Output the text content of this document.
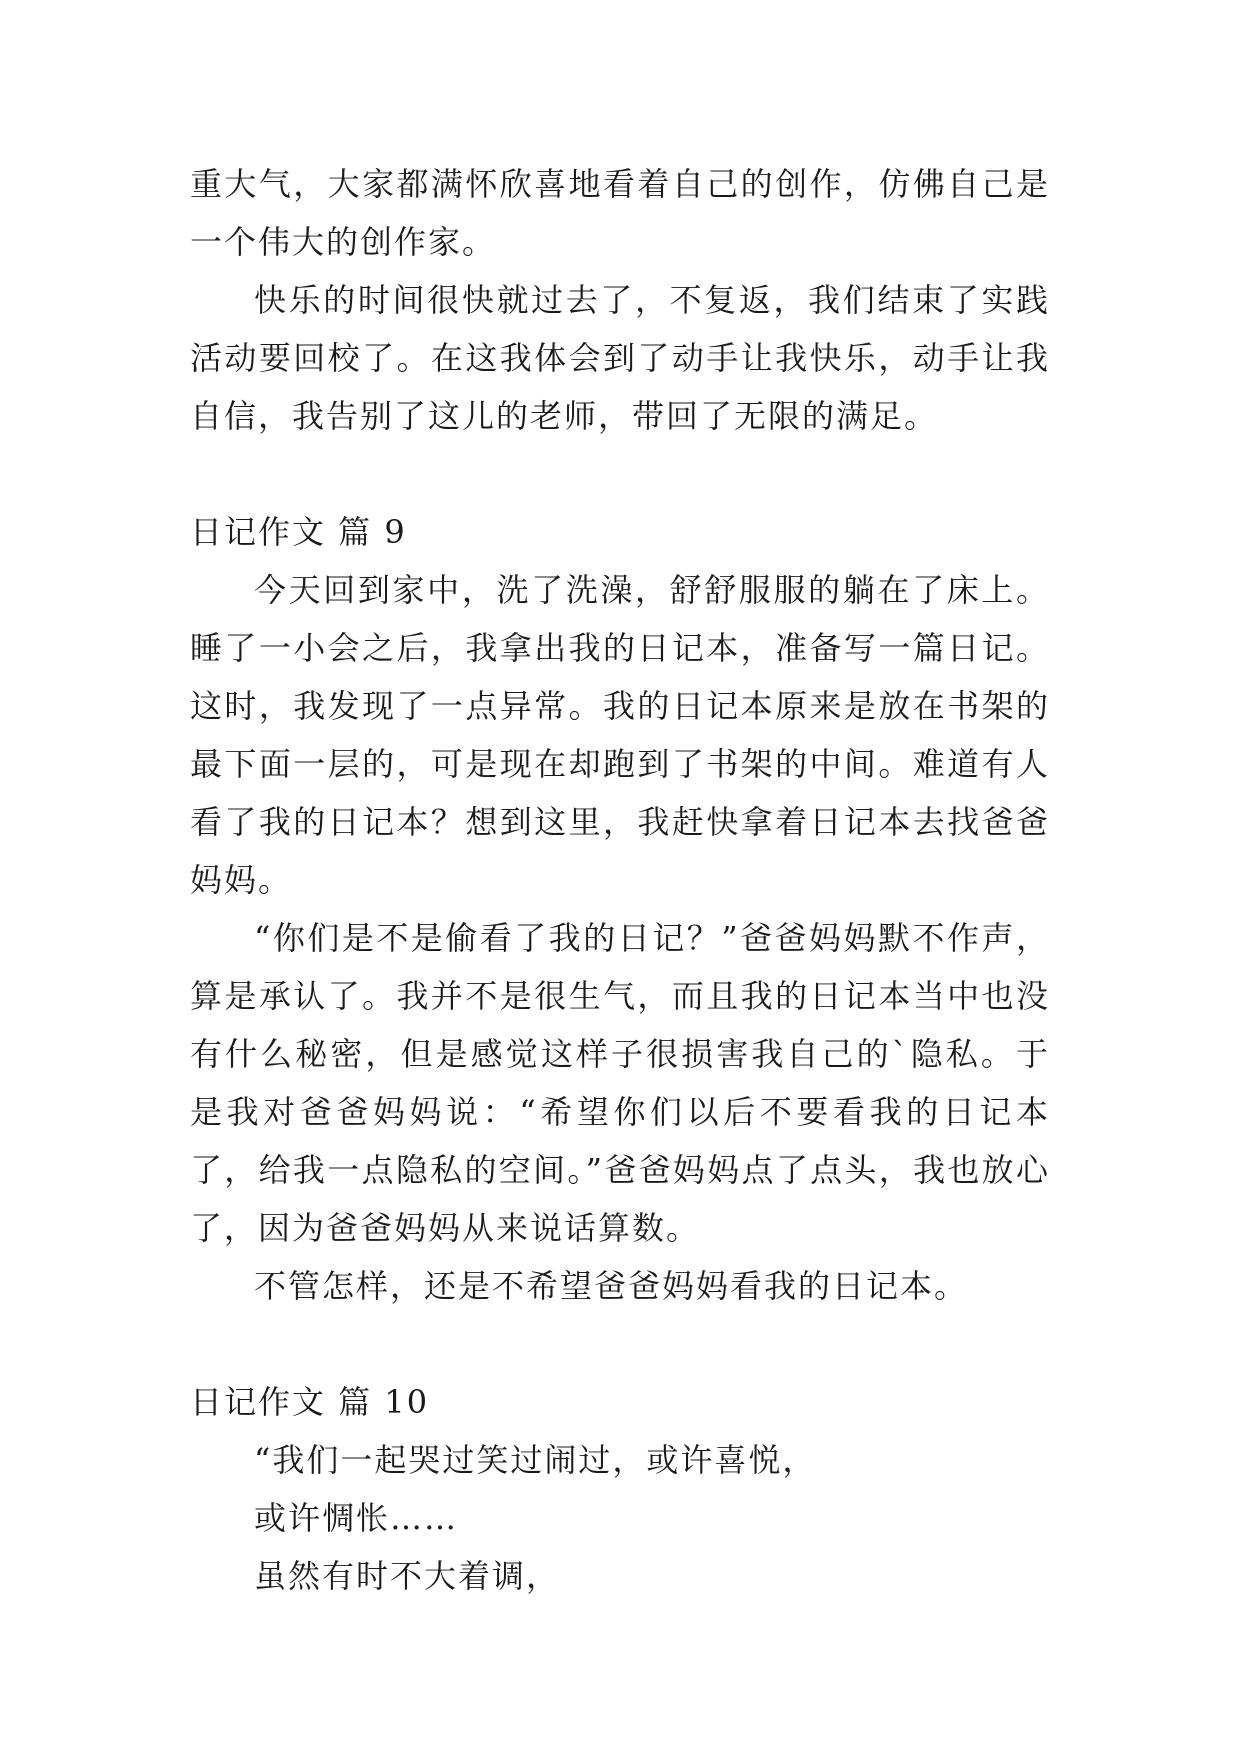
重大气，大家都满怀欣喜地看着自己的创作，仿佛自己是一个伟大的创作家。

快乐的时间很快就过去了，不复返，我们结束了实践活动要回校了。在这我体会到了动手让我快乐，动手让我自信，我告别了这儿的老师，带回了无限的满足。

日记作文 篇 9

今天回到家中，洗了洗澡，舒舒服服的躺在了床上。睡了一小会之后，我拿出我的日记本，准备写一篇日记。这时，我发现了一点异常。我的日记本原来是放在书架的最下面一层的，可是现在却跑到了书架的中间。难道有人看了我的日记本？想到这里，我赶快拿着日记本去找爸爸妈妈。

“你们是不是偷看了我的日记？”爸爸妈妈默不作声，算是承认了。我并不是很生气，而且我的日记本当中也没有什么秘密，但是感觉这样子很损害我自己的`隐私。于是我对爸爸妈妈说：“希望你们以后不要看我的日记本了，给我一点隐私的空间。”爸爸妈妈点了点头，我也放心了，因为爸爸妈妈从来说话算数。

不管怎样，还是不希望爸爸妈妈看我的日记本。

日记作文 篇 10

“我们一起哭过笑过闹过，或许喜悦，

或许惆怅……

虽然有时不大着调，
